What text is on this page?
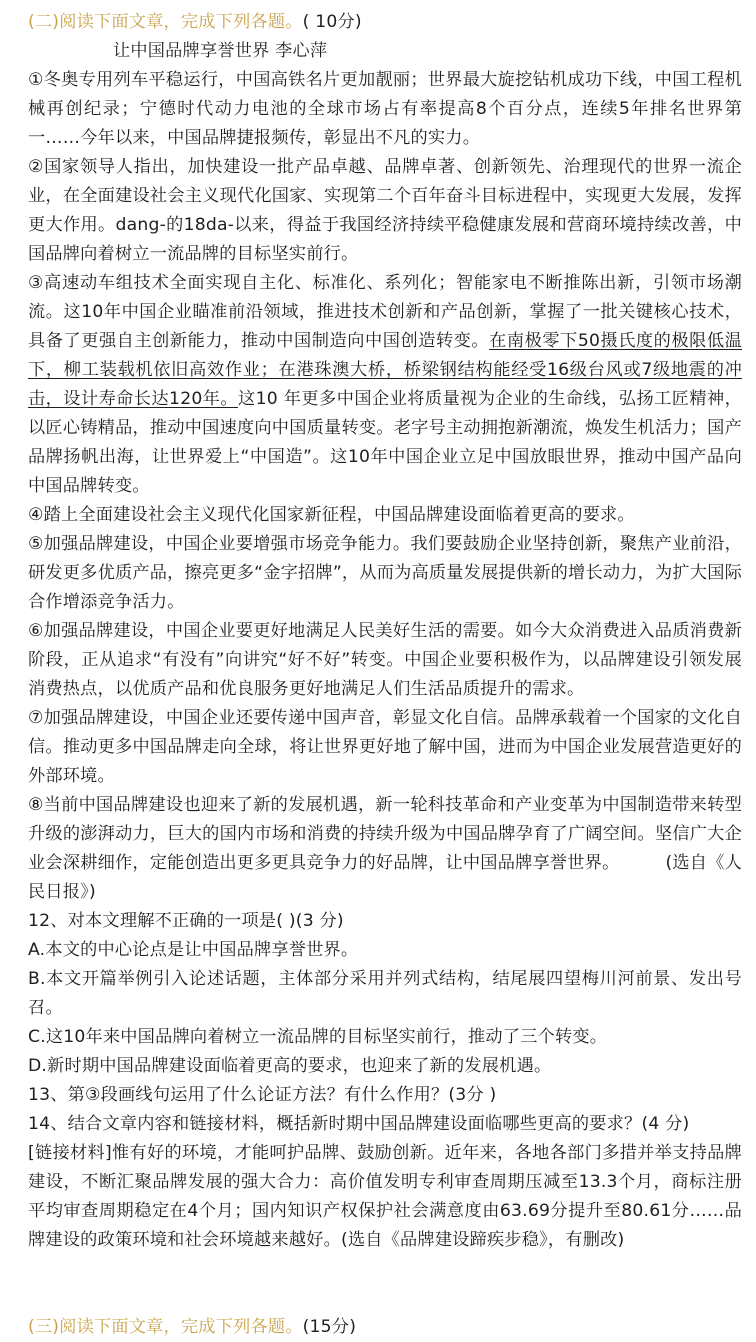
(二)阅读下面文章，完成下列各题。( 10分)
让中国品牌享誉世界 李心萍

①冬奥专用列车平稳运行，中国高铁名片更加靓丽；世界最大旋挖钻机成功下线，中国工程机械再创纪录；宁德时代动力电池的全球市场占有率提高8个百分点，连续5年排名世界第一……今年以来，中国品牌捷报频传，彰显出不凡的实力。

②国家领导人指出，加快建设一批产品卓越、品牌卓著、创新领先、治理现代的世界一流企业，在全面建设社会主义现代化国家、实现第二个百年奋斗目标进程中，实现更大发展，发挥更大作用。dang-的18da-以来，得益于我国经济持续平稳健康发展和营商环境持续改善，中国品牌向着树立一流品牌的目标坚实前行。

③高速动车组技术全面实现自主化、标准化、系列化；智能家电不断推陈出新，引领市场潮流。这10年中国企业瞄准前沿领域，推进技术创新和产品创新，掌握了一批关键核心技术，具备了更强自主创新能力，推动中国制造向中国创造转变。在南极零下50摄氏度的极限低温下，柳工装载机依旧高效作业；在港珠澳大桥，桥梁钢结构能经受16级台风或7级地震的冲击，设计寿命长达120年。这10 年更多中国企业将质量视为企业的生命线，弘扬工匠精神，以匠心铸精品，推动中国速度向中国质量转变。老字号主动拥抱新潮流，焕发生机活力；国产品牌扬帆出海，让世界爱上“中国造”。这10年中国企业立足中国放眼世界，推动中国产品向中国品牌转变。

④踏上全面建设社会主义现代化国家新征程，中国品牌建设面临着更高的要求。

⑤加强品牌建设，中国企业要增强市场竞争能力。我们要鼓励企业坚持创新，聚焦产业前沿，研发更多优质产品，擦亮更多“金字招牌”，从而为高质量发展提供新的增长动力，为扩大国际合作增添竞争活力。

⑥加强品牌建设，中国企业要更好地满足人民美好生活的需要。如今大众消费进入品质消费新阶段，正从追求“有没有”向讲究“好不好”转变。中国企业要积极作为，以品牌建设引领发展消费热点，以优质产品和优良服务更好地满足人们生活品质提升的需求。

⑦加强品牌建设，中国企业还要传递中国声音，彰显文化自信。品牌承载着一个国家的文化自信。推动更多中国品牌走向全球，将让世界更好地了解中国，进而为中国企业发展营造更好的外部环境。

⑧当前中国品牌建设也迎来了新的发展机遇，新一轮科技革命和产业变革为中国制造带来转型升级的澎湃动力，巨大的国内市场和消费的持续升级为中国品牌孕育了广阔空间。坚信广大企业会深耕细作，定能创造出更多更具竞争力的好品牌，让中国品牌享誉世界。	(选自《人民日报》)

12、对本文理解不正确的一项是( )(3 分)

A.本文的中心论点是让中国品牌享誉世界。

B.本文开篇举例引入论述话题，主体部分采用并列式结构，结尾展四望梅川河前景、发出号召。

C.这10年来中国品牌向着树立一流品牌的目标坚实前行，推动了三个转变。

D.新时期中国品牌建设面临着更高的要求，也迎来了新的发展机遇。

13、第③段画线句运用了什么论证方法？有什么作用？(3分 )

14、结合文章内容和链接材料，概括新时期中国品牌建设面临哪些更高的要求？(4 分)

[链接材料]惟有好的环境，才能呵护品牌、鼓励创新。近年来，各地各部门多措并举支持品牌建设，不断汇聚品牌发展的强大合力：高价值发明专利审查周期压减至13.3个月，商标注册平均审查周期稳定在4个月；国内知识产权保护社会满意度由63.69分提升至80.61分……品牌建设的政策环境和社会环境越来越好。(选自《品牌建设蹄疾步稳》，有删改)

(三)阅读下面文章，完成下列各题。(15分)
